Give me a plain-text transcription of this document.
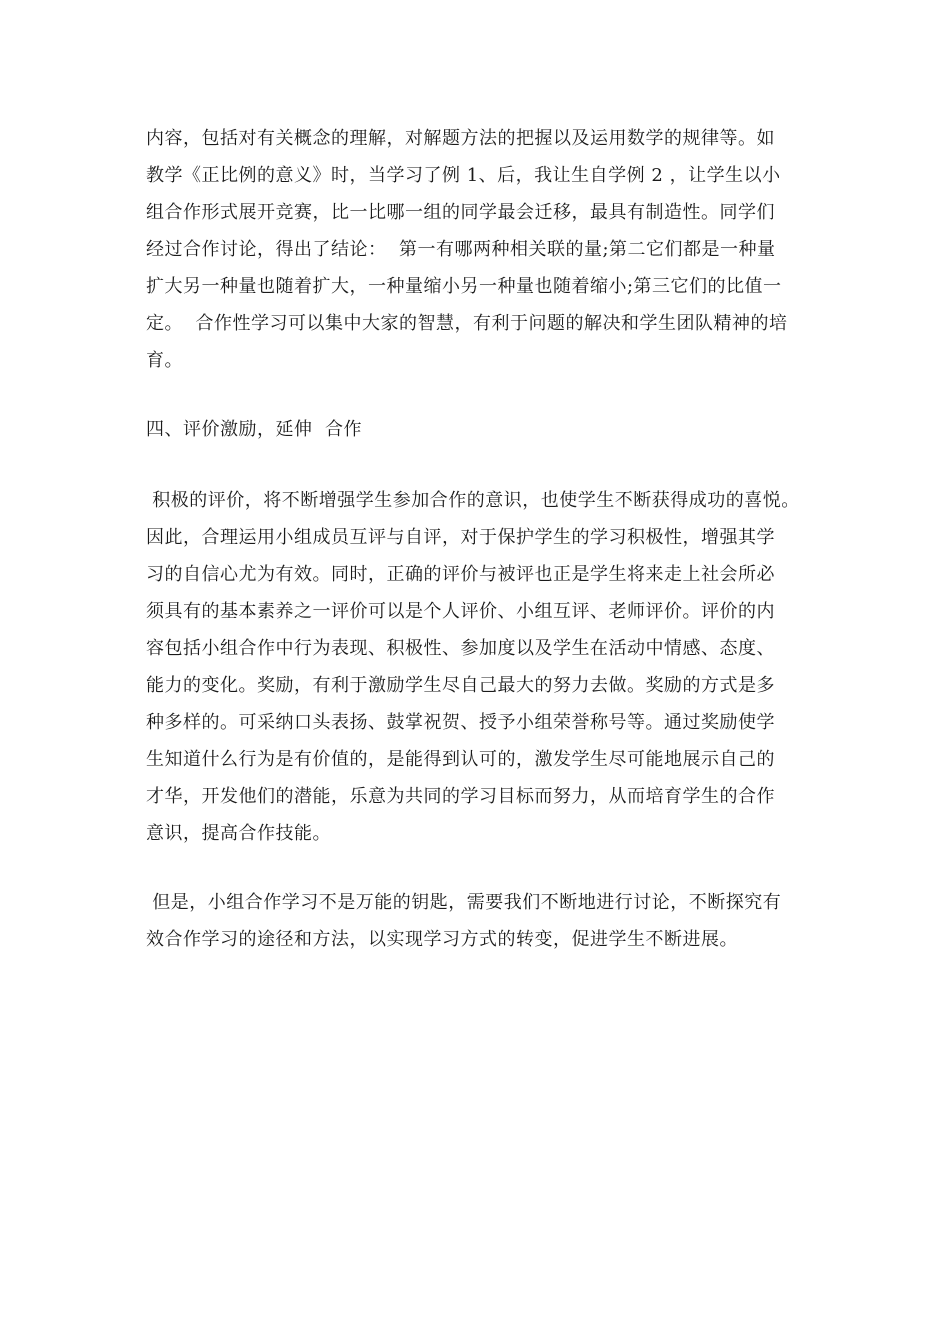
内容，包括对有关概念的理解，对解题方法的把握以及运用数学的规律等。如
教学《正比例的意义》时，当学习了例 1、后，我让生自学例 2 ，让学生以小
组合作形式展开竞赛，比一比哪一组的同学最会迁移，最具有制造性。同学们
经过合作讨论，得出了结论：  第一有哪两种相关联的量;第二它们都是一种量
扩大另一种量也随着扩大，一种量缩小另一种量也随着缩小;第三它们的比值一
定。  合作性学习可以集中大家的智慧，有利于问题的解决和学生团队精神的培
育。
四、评价激励，延伸  合作
积极的评价，将不断增强学生参加合作的意识，也使学生不断获得成功的喜悦。
因此，合理运用小组成员互评与自评，对于保护学生的学习积极性，增强其学
习的自信心尤为有效。同时，正确的评价与被评也正是学生将来走上社会所必
须具有的基本素养之一评价可以是个人评价、小组互评、老师评价。评价的内
容包括小组合作中行为表现、积极性、参加度以及学生在活动中情感、态度、
能力的变化。奖励，有利于激励学生尽自己最大的努力去做。奖励的方式是多
种多样的。可采纳口头表扬、鼓掌祝贺、授予小组荣誉称号等。通过奖励使学
生知道什么行为是有价值的，是能得到认可的，激发学生尽可能地展示自己的
才华，开发他们的潜能，乐意为共同的学习目标而努力，从而培育学生的合作
意识，提高合作技能。
但是，小组合作学习不是万能的钥匙，需要我们不断地进行讨论，不断探究有
效合作学习的途径和方法，以实现学习方式的转变，促进学生不断进展。
